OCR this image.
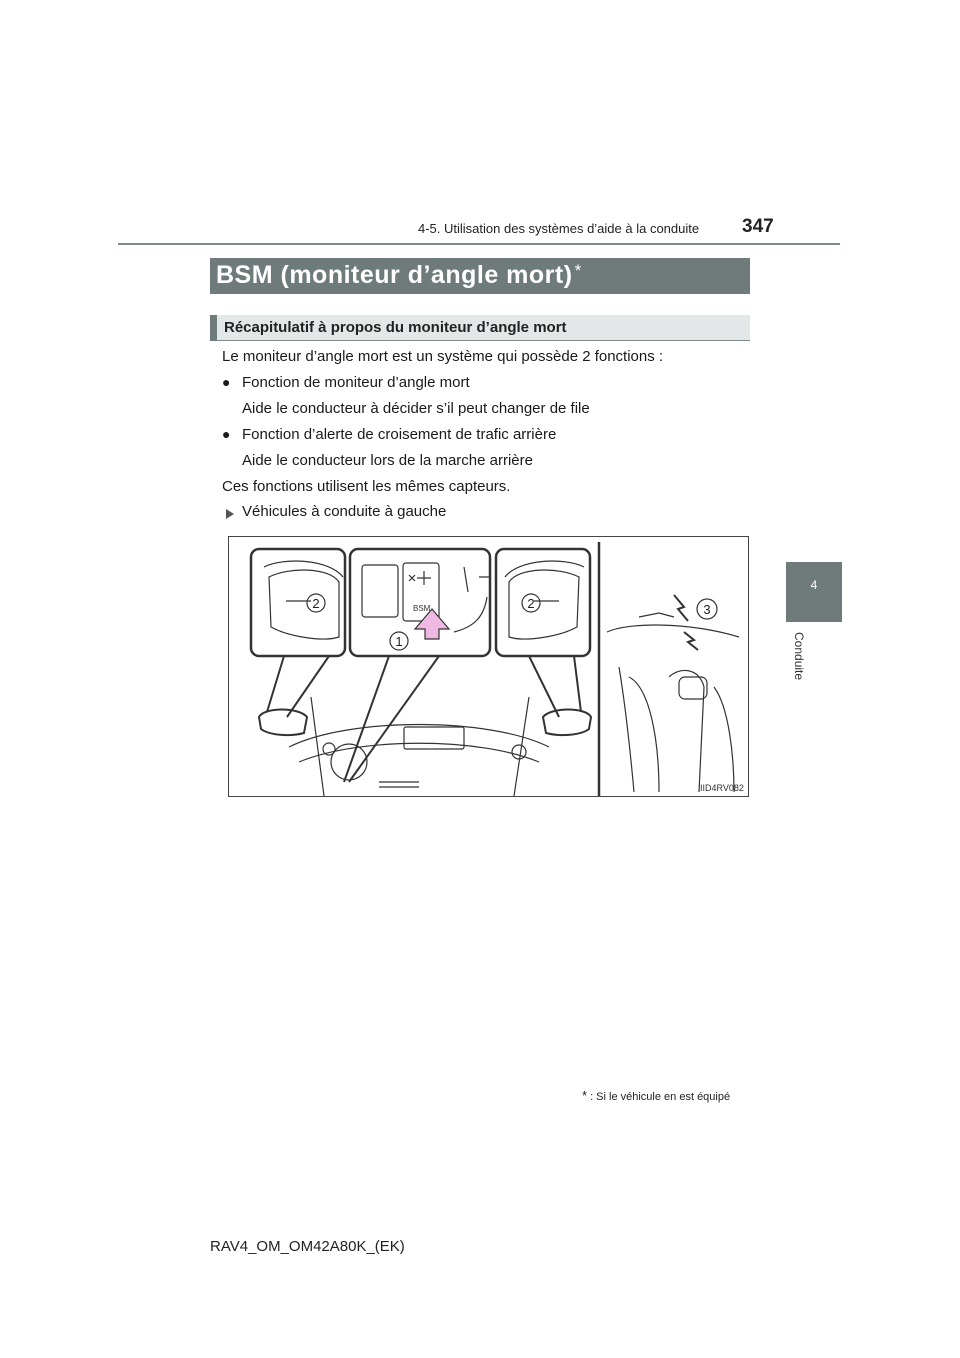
4-5. Utilisation des systèmes d’aide à la conduite 347
4
Conduite
BSM (moniteur d’angle mort) *
Récapitulatif à propos du moniteur d’angle mort
Le moniteur d’angle mort est un système qui possède 2 fonctions :
● Fonction de moniteur d’angle mort
Aide le conducteur à décider s’il peut changer de file
● Fonction d’alerte de croisement de trafic arrière
Aide le conducteur lors de la marche arrière
Ces fonctions utilisent les mêmes capteurs.
Véhicules à conduite à gauche
BSM
2	2
1
3
IID4RV082
* : Si le véhicule en est équipé
RAV4_OM_OM42A80K_(EK)
